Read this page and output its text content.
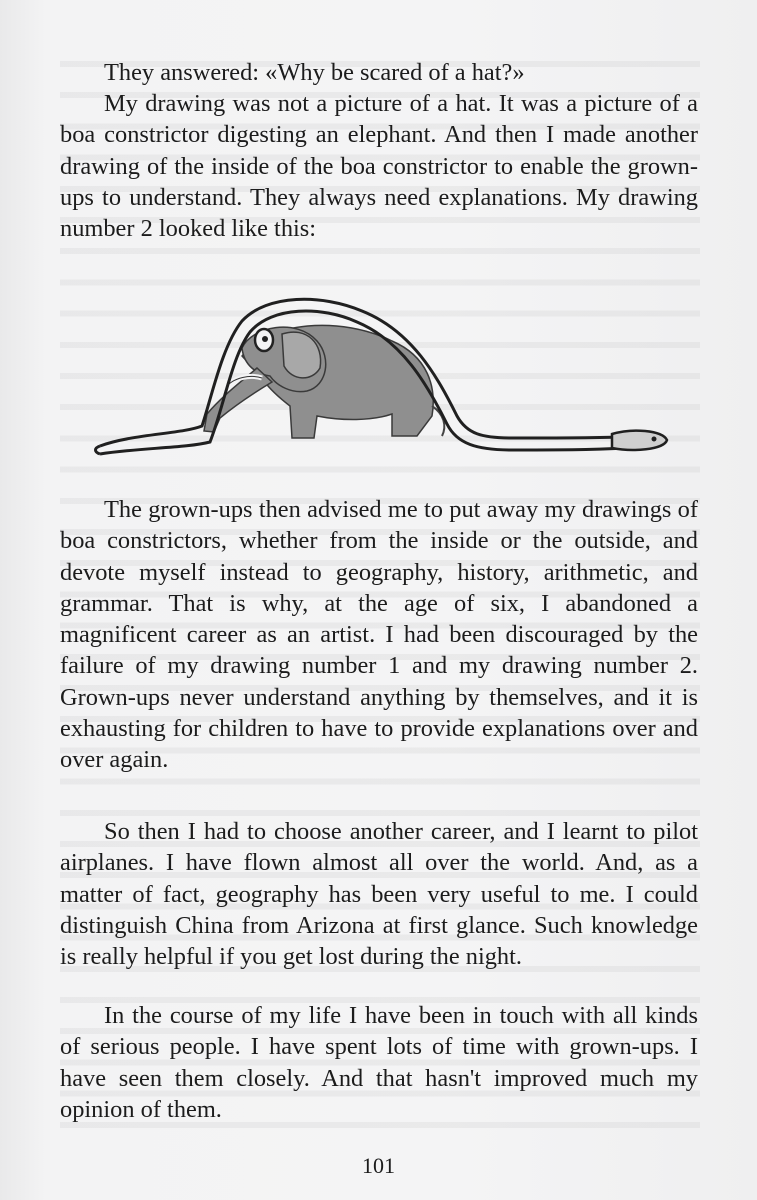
They answered: «Why be scared of a hat?»

My drawing was not a picture of a hat. It was a picture of a boa constrictor digesting an elephant. And then I made another drawing of the inside of the boa constrictor to enable the grown-ups to understand. They always need explanations. My drawing number 2 looked like this:

The grown-ups then advised me to put away my drawings of boa constrictors, whether from the inside or the outside, and devote myself instead to geography, history, arithmetic, and grammar. That is why, at the age of six, I abandoned a magnificent career as an artist. I had been discouraged by the failure of my drawing number 1 and my drawing number 2. Grown-ups never understand anything by themselves, and it is exhausting for children to have to provide explanations over and over again.

So then I had to choose another career, and I learnt to pilot airplanes. I have flown almost all over the world. And, as a matter of fact, geography has been very useful to me. I could distinguish China from Arizona at first glance. Such knowledge is really helpful if you get lost during the night.

In the course of my life I have been in touch with all kinds of serious people. I have spent lots of time with grown-ups. I have seen them closely. And that hasn't improved much my opinion of them.

101
